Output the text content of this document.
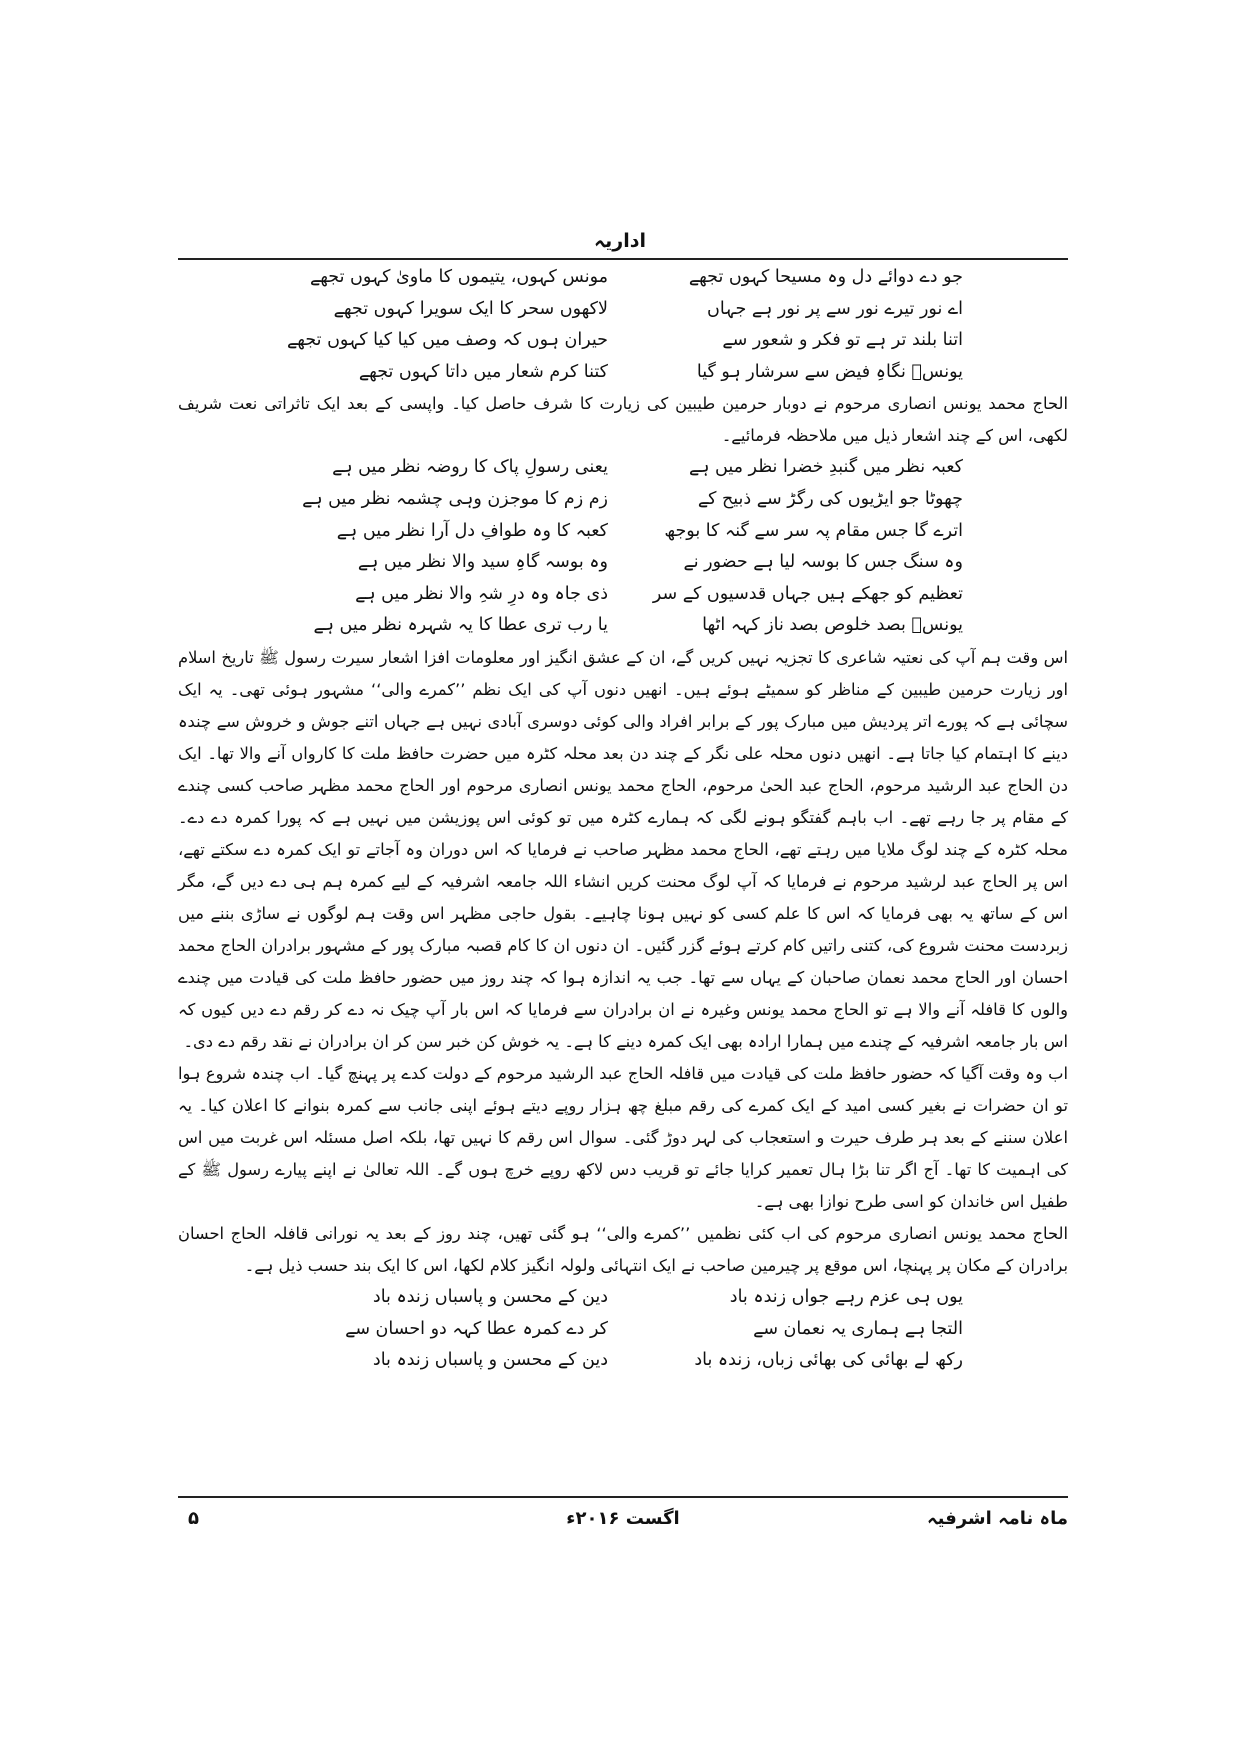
اداریہ
جو دے دوائے دل وہ مسیحا کہوں تجھے
مونس کہوں، یتیموں کا ماویٰ کہوں تجھے
اے نور تیرے نور سے پر نور ہے جہاں
لاکھوں سحر کا ایک سویرا کہوں تجھے
اتنا بلند تر ہے تو فکر و شعور سے
حیران ہوں کہ وصف میں کیا کیا کہوں تجھے
یونسؔ نگاہِ فیض سے سرشار ہو گیا
کتنا کرم شعار میں داتا کہوں تجھے

الحاج محمد یونس انصاری مرحوم نے دوبار حرمین طیبین کی زیارت کا شرف حاصل کیا۔ واپسی کے بعد ایک تاثراتی نعت شریف لکھی، اس کے چند اشعار ذیل میں ملاحظہ فرمائیے۔

کعبہ نظر میں گنبدِ خضرا نظر میں ہے
یعنی رسولِ پاک کا روضہ نظر میں ہے
چھوٹا جو ایڑیوں کی رگڑ سے ذبیح کے
زم زم کا موجزن وہی چشمہ نظر میں ہے
اترے گا جس مقام پہ سر سے گنہ کا بوجھ
کعبہ کا وہ طوافِ دل آرا نظر میں ہے
وہ سنگ جس کا بوسہ لیا ہے حضور نے
وہ بوسہ گاہِ سید والا نظر میں ہے
تعظیم کو جھکے ہیں جہاں قدسیوں کے سر
ذی جاہ وہ درِ شہِ والا نظر میں ہے
یونسؔ بصد خلوص بصد ناز کہہ اٹھا
یا رب تری عطا کا یہ شہرہ نظر میں ہے

اس وقت ہم آپ کی نعتیہ شاعری کا تجزیہ نہیں کریں گے، ان کے عشق انگیز اور معلومات افزا اشعار سیرت رسول ﷺ تاریخ اسلام اور زیارت حرمین طیبین کے مناظر کو سمیٹے ہوئے ہیں۔ انھیں دنوں آپ کی ایک نظم ’’کمرے والی‘‘ مشہور ہوئی تھی۔ یہ ایک سچائی ہے کہ پورے اتر پردیش میں مبارک پور کے برابر افراد والی کوئی دوسری آبادی نہیں ہے جہاں اتنے جوش و خروش سے چندہ دینے کا اہتمام کیا جاتا ہے۔ انھیں دنوں محلہ علی نگر کے چند دن بعد محلہ کٹرہ میں حضرت حافظ ملت کا کارواں آنے والا تھا۔ ایک دن الحاج عبد الرشید مرحوم، الحاج عبد الحیٰ مرحوم، الحاج محمد یونس انصاری مرحوم اور الحاج محمد مظہر صاحب کسی چندے کے مقام پر جا رہے تھے۔ اب باہم گفتگو ہونے لگی کہ ہمارے کٹرہ میں تو کوئی اس پوزیشن میں نہیں ہے کہ پورا کمرہ دے دے۔ محلہ کٹرہ کے چند لوگ ملایا میں رہتے تھے، الحاج محمد مظہر صاحب نے فرمایا کہ اس دوران وہ آجاتے تو ایک کمرہ دے سکتے تھے، اس پر الحاج عبد لرشید مرحوم نے فرمایا کہ آپ لوگ محنت کریں انشاء اللہ جامعہ اشرفیہ کے لیے کمرہ ہم ہی دے دیں گے، مگر اس کے ساتھ یہ بھی فرمایا کہ اس کا علم کسی کو نہیں ہونا چاہیے۔ بقول حاجی مظہر اس وقت ہم لوگوں نے ساڑی بننے میں زبردست محنت شروع کی، کتنی راتیں کام کرتے ہوئے گزر گئیں۔ ان دنوں ان کا کام قصبہ مبارک پور کے مشہور برادران الحاج محمد احسان اور الحاج محمد نعمان صاحبان کے یہاں سے تھا۔ جب یہ اندازہ ہوا کہ چند روز میں حضور حافظ ملت کی قیادت میں چندے والوں کا قافلہ آنے والا ہے تو الحاج محمد یونس وغیرہ نے ان برادران سے فرمایا کہ اس بار آپ چیک نہ دے کر رقم دے دیں کیوں کہ اس بار جامعہ اشرفیہ کے چندے میں ہمارا ارادہ بھی ایک کمرہ دینے کا ہے۔ یہ خوش کن خبر سن کر ان برادران نے نقد رقم دے دی۔

اب وہ وقت آگیا کہ حضور حافظ ملت کی قیادت میں قافلہ الحاج عبد الرشید مرحوم کے دولت کدے پر پہنچ گیا۔ اب چندہ شروع ہوا تو ان حضرات نے بغیر کسی امید کے ایک کمرے کی رقم مبلغ چھ ہزار روپے دیتے ہوئے اپنی جانب سے کمرہ بنوانے کا اعلان کیا۔ یہ اعلان سننے کے بعد ہر طرف حیرت و استعجاب کی لہر دوڑ گئی۔ سوال اس رقم کا نہیں تھا، بلکہ اصل مسئلہ اس غربت میں اس کی اہمیت کا تھا۔ آج اگر تنا بڑا ہال تعمیر کرایا جائے تو قریب دس لاکھ روپے خرچ ہوں گے۔ اللہ تعالیٰ نے اپنے پیارے رسول ﷺ کے طفیل اس خاندان کو اسی طرح نوازا بھی ہے۔

الحاج محمد یونس انصاری مرحوم کی اب کئی نظمیں ’’کمرے والی‘‘ ہو گئی تھیں، چند روز کے بعد یہ نورانی قافلہ الحاج احسان برادران کے مکان پر پہنچا، اس موقع پر چیرمین صاحب نے ایک انتہائی ولولہ انگیز کلام لکھا، اس کا ایک بند حسب ذیل ہے۔

یوں ہی عزم رہے جواں زندہ باد
دین کے محسن و پاسباں زندہ باد
التجا ہے ہماری یہ نعمان سے
کر دے کمرہ عطا کہہ دو احسان سے
رکھ لے بھائی کی بھائی زباں، زندہ باد
دین کے محسن و پاسباں زندہ باد
ماہ نامہ اشرفیہ
اگست ۲۰۱۶ء
۵
